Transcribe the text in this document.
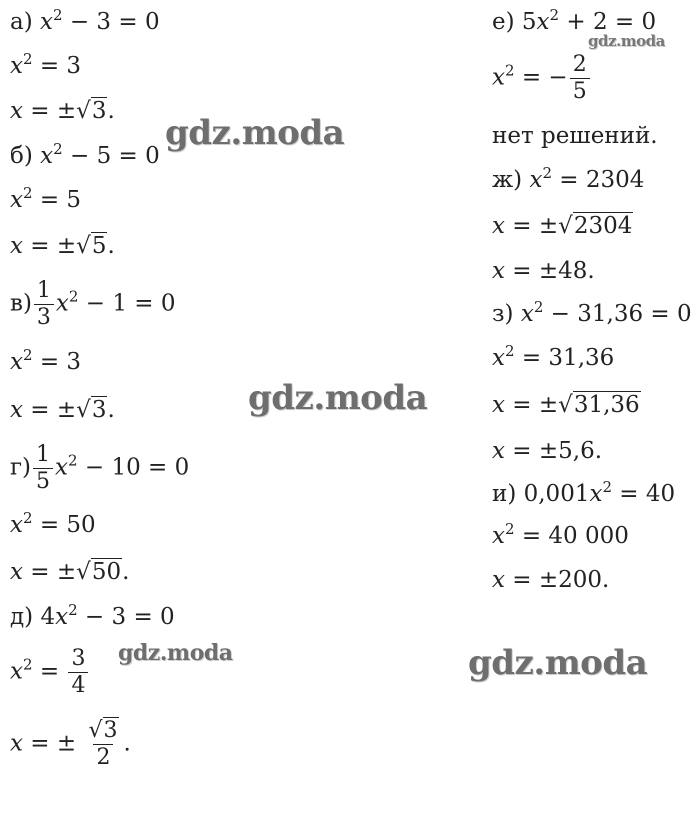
а) $x^2 - 3 = 0$
$x^2 = 3$
x = ±√3.
б) $x^2 - 5 = 0$
$x^2 = 5$
x = ±√5.
$в) \frac{1}{3} x^2 - 1 = 0$
$x^2 = 3$
x = ±√3.
$г) \frac{1}{5} x^2 - 10 = 0$
$x^2 = 50$
x = ±√50.
д) $4x^2 - 3 = 0$
$x^2 = \frac{3}{4}$
x = ± $\frac{√3}{2}$ .
е) $5x^2 + 2 = 0$
$x^2$ = − $\frac{2}{5}$
нет решений.
ж) $x^2 = 2304$
x = ±√2304
x = ±48.
з) $x^2 - 31,36 = 0$
$x^2 = 31,36$
x = ±√31,36
x = ±5,6.
и) $0,001x^2 = 40$
$x^2 = 40$ 000
x = ±200.
gdz.moda
gdz.moda
gdz.moda
gdz.moda	gdz.moda
